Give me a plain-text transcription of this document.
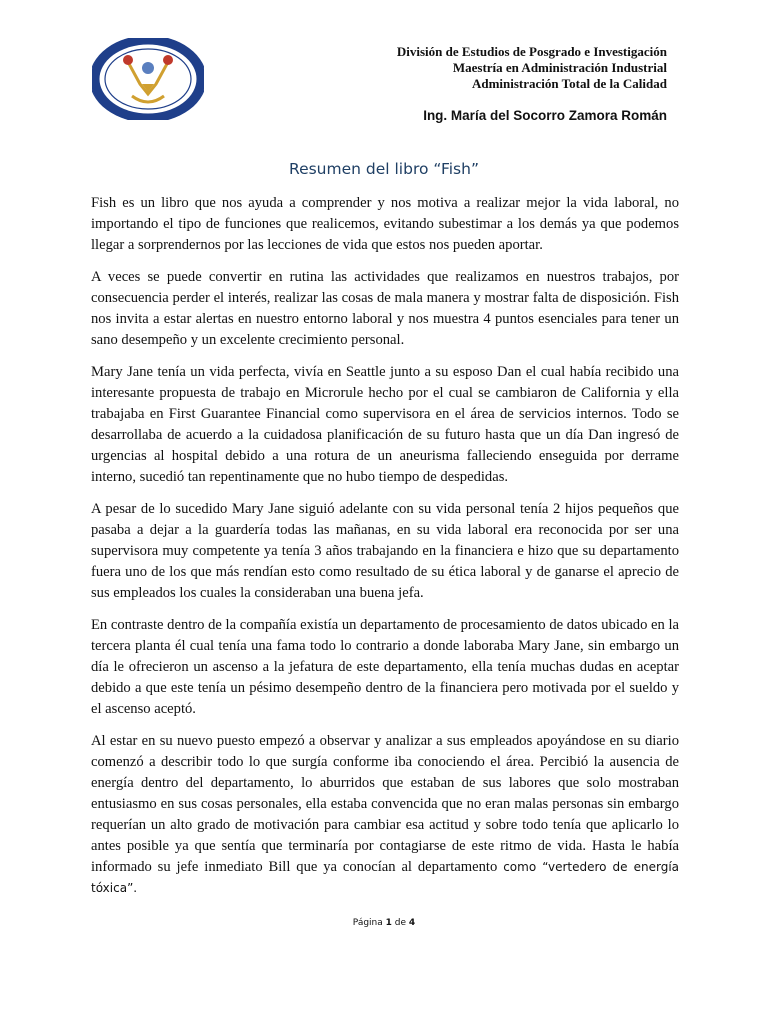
División de Estudios de Posgrado e Investigación
Maestría en Administración Industrial
Administración Total de la Calidad
Ing. María del Socorro Zamora Román
Resumen del libro “Fish”

Fish es un libro que nos ayuda a comprender y nos motiva a realizar mejor la vida laboral, no importando el tipo de funciones que realicemos, evitando subestimar a los demás ya que podemos llegar a sorprendernos por las lecciones de vida que estos nos pueden aportar.

A veces se puede convertir en rutina las actividades que realizamos en nuestros trabajos, por consecuencia perder el interés, realizar las cosas de mala manera y mostrar falta de disposición. Fish nos invita a estar alertas en nuestro entorno laboral y nos muestra 4 puntos esenciales para tener un sano desempeño y un excelente crecimiento personal.

Mary Jane tenía un vida perfecta, vivía en Seattle junto a su esposo Dan el cual había recibido una interesante propuesta de trabajo en Microrule hecho por el cual se cambiaron de California y ella trabajaba en First Guarantee Financial como supervisora en el área de servicios internos. Todo se desarrollaba de acuerdo a la cuidadosa planificación de su futuro hasta que un día Dan ingresó de urgencias al hospital debido a una rotura de un aneurisma falleciendo enseguida por derrame interno, sucedió tan repentinamente que no hubo tiempo de despedidas.

A pesar de lo sucedido Mary Jane siguió adelante con su vida personal tenía 2 hijos pequeños que pasaba a dejar a la guardería todas las mañanas, en su vida laboral era reconocida por ser una supervisora muy competente ya tenía 3 años trabajando en la financiera e hizo que su departamento fuera uno de los que más rendían esto como resultado de su ética laboral y de ganarse el aprecio de sus empleados los cuales la consideraban una buena jefa.

En contraste dentro de la compañía existía un departamento de procesamiento de datos ubicado en la tercera planta él cual tenía una fama todo lo contrario a donde laboraba Mary Jane, sin embargo un día le ofrecieron un ascenso a la jefatura de este departamento, ella tenía muchas dudas en aceptar debido a que este tenía un pésimo desempeño dentro de la financiera pero motivada por el sueldo y el ascenso aceptó.

Al estar en su nuevo puesto empezó a observar y analizar a sus empleados apoyándose en su diario comenzó a describir todo lo que surgía conforme iba conociendo el área. Percibió la ausencia de energía dentro del departamento, lo aburridos que estaban de sus labores que solo mostraban entusiasmo en sus cosas personales, ella estaba convencida que no eran malas personas sin embargo requerían un alto grado de motivación para cambiar esa actitud y sobre todo tenía que aplicarlo lo antes posible ya que sentía que terminaría por contagiarse de este ritmo de vida. Hasta le había informado su jefe inmediato Bill que ya conocían al departamento como “vertedero de energía tóxica”.

Página 1 de 4
